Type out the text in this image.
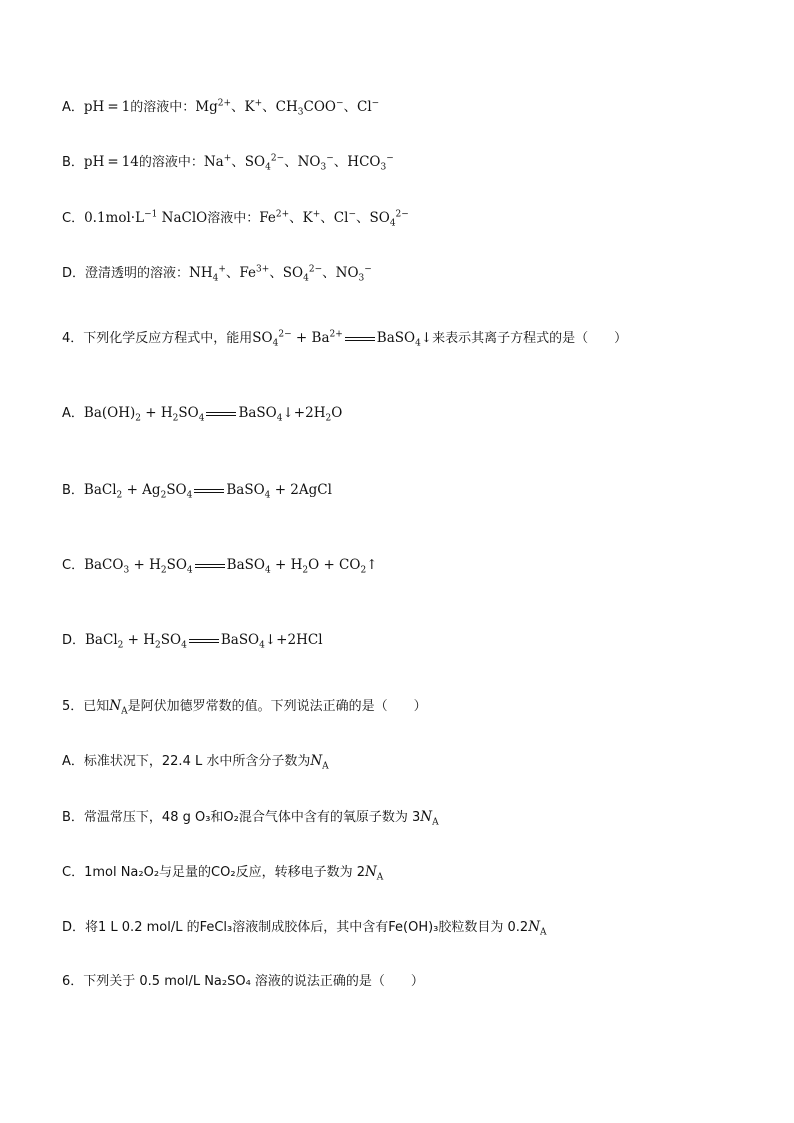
A．pH = 1的溶液中：$Mg^{2+}$、K+、$CH_3COO^-$、Cl−
B．pH = 14的溶液中：Na+、$SO_4^{2-}$、$NO_3^-$、$HCO_3^-$
C．$0.1mol\cdot L^{-1}$ NaClO溶液中：$Fe^{2+}$、K+、Cl−、$SO_4^{2-}$
D．澄清透明的溶液：$NH_4^+$、$Fe^{3+}$、$SO_4^{2-}$、$NO_3^-$
4．下列化学反应方程式中，能用$SO_4^{2-} + Ba^{2+}$	BaSO$_4$↓来表示其离子方程式的是（　　）
A．$Ba(OH)_2 + H_2SO_4$	$BaSO_4↓+2H_2O$
B．BaCl$_2$ + $Ag_2SO_4$	BaSO$_4$ + 2AgCl
C．BaCO$_3$ + $H_2SO_4$	BaSO$_4$ + $H_2O$ + $CO_2↑$
D．BaCl$_2$ + $H_2SO_4$	BaSO$_4$↓+2HCl
5．已知$N_A$是阿伏加德罗常数的值。下列说法正确的是（　　）
A．标准状况下，22.4 L 水中所含分子数为$N_A$
B．常温常压下，48 g O₃和O₂混合气体中含有的氧原子数为 $3N_A$
C．1mol Na₂O₂与足量的CO₂反应，转移电子数为 $2N_A$
D．将1 L 0.2 mol/L 的FeCl₃溶液制成胶体后，其中含有Fe(OH)₃胶粒数目为 $0.2N_A$
6．下列关于 0.5 mol/L Na₂SO₄ 溶液的说法正确的是（　　）
